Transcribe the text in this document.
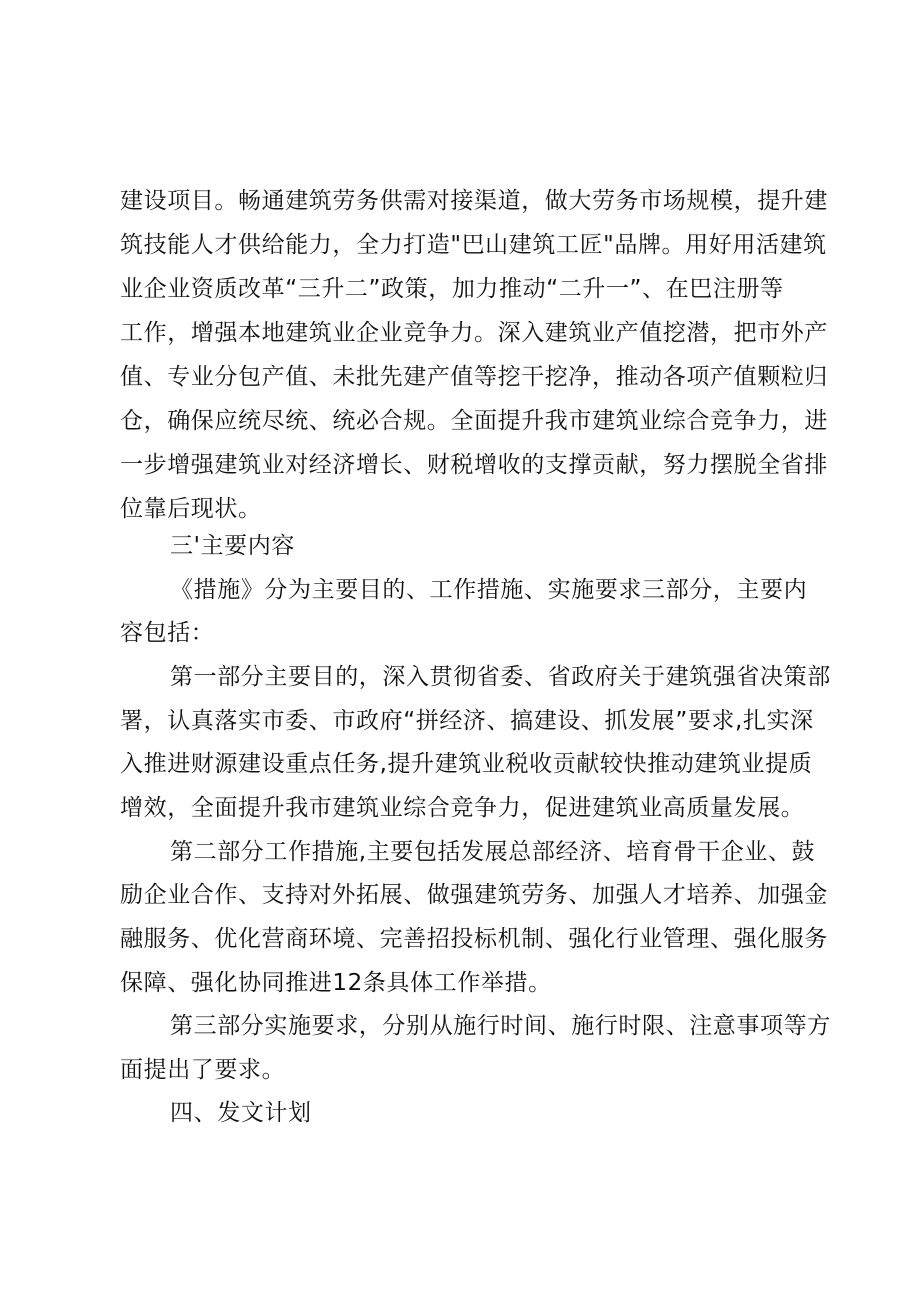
建设项目。畅通建筑劳务供需对接渠道，做大劳务市场规模，提升建
筑技能人才供给能力，全力打造"巴山建筑工匠"品牌。用好用活建筑
业企业资质改革“三升二”政策，加力推动“二升一”、在巴注册等
工作，增强本地建筑业企业竞争力。深入建筑业产值挖潜，把市外产
值、专业分包产值、未批先建产值等挖干挖净，推动各项产值颗粒归
仓，确保应统尽统、统必合规。全面提升我市建筑业综合竞争力，进
一步增强建筑业对经济增长、财税增收的支撑贡献，努力摆脱全省排
位靠后现状。
三'主要内容
《措施》分为主要目的、工作措施、实施要求三部分，主要内
容包括：
第一部分主要目的，深入贯彻省委、省政府关于建筑强省决策部
署，认真落实市委、市政府“拼经济、搞建设、抓发展”要求,扎实深
入推进财源建设重点任务,提升建筑业税收贡献较快推动建筑业提质
增效，全面提升我市建筑业综合竞争力，促进建筑业高质量发展。
第二部分工作措施,主要包括发展总部经济、培育骨干企业、鼓
励企业合作、支持对外拓展、做强建筑劳务、加强人才培养、加强金
融服务、优化营商环境、完善招投标机制、强化行业管理、强化服务
保障、强化协同推进12条具体工作举措。
第三部分实施要求，分别从施行时间、施行时限、注意事项等方
面提出了要求。
四、发文计划
